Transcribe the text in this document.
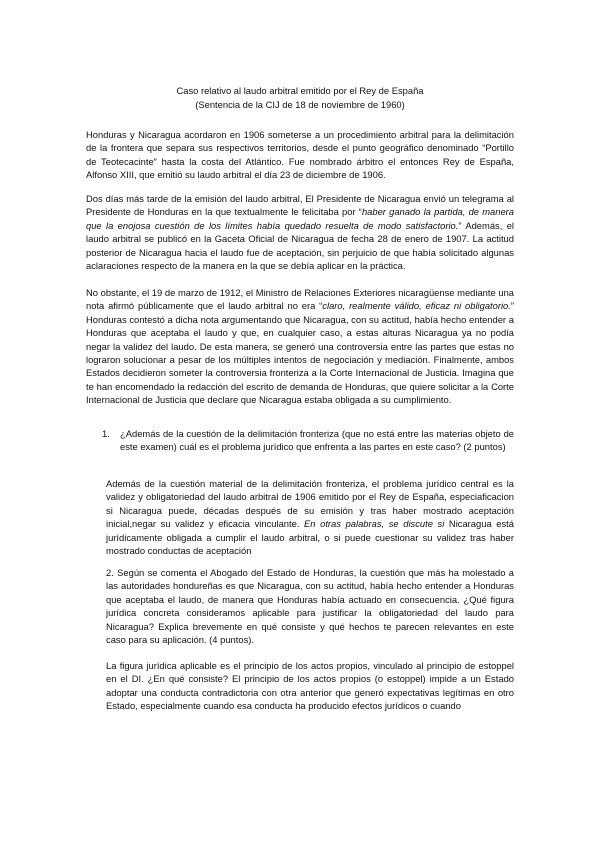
Caso relativo al laudo arbitral emitido por el Rey de España
(Sentencia de la CIJ de 18 de noviembre de 1960)
Honduras y Nicaragua acordaron en 1906 someterse a un procedimiento arbitral para la delimitación de la frontera que separa sus respectivos territorios, desde el punto geográfico denominado “Portillo de Teotecacinte” hasta la costa del Atlántico. Fue nombrado árbitro el entonces Rey de España, Alfonso XIII, que emitió su laudo arbitral el día 23 de diciembre de 1906.
Dos días más tarde de la emisión del laudo arbitral, El Presidente de Nicaragua envió un telegrama al Presidente de Honduras en la que textualmente le felicitaba por “haber ganado la partida, de manera que la enojosa cuestión de los límites había quedado resuelta de modo satisfactorio.” Además, el laudo arbitral se publicó en la Gaceta Oficial de Nicaragua de fecha 28 de enero de 1907. La actitud posterior de Nicaragua hacia el laudo fue de aceptación, sin perjuicio de que había solicitado algunas aclaraciones respecto de la manera en la que se debía aplicar en la práctica.
No obstante, el 19 de marzo de 1912, el Ministro de Relaciones Exteriores nicaragüense mediante una nota afirmó públicamente que el laudo arbitral no era “claro, realmente válido, eficaz ni obligatorio.” Honduras contestó a dicha nota argumentando que Nicaragua, con su actitud, había hecho entender a Honduras que aceptaba el laudo y que, en cualquier caso, a estas alturas Nicaragua ya no podía negar la validez del laudo. De esta manera, se generó una controversia entre las partes que estas no lograron solucionar a pesar de los múltiples intentos de negociación y mediación. Finalmente, ambos Estados decidieron someter la controversia fronteriza a la Corte Internacional de Justicia. Imagina que te han encomendado la redacción del escrito de demanda de Honduras, que quiere solicitar a la Corte Internacional de Justicia que declare que Nicaragua estaba obligada a su cumplimiento.
1. ¿Además de la cuestión de la delimitación fronteriza (que no está entre las materias objeto de este examen) cuál es el problema jurídico que enfrenta a las partes en este caso? (2 puntos)
Además de la cuestión material de la delimitación fronteriza, el problema jurídico central es la validez y obligatoriedad del laudo arbitral de 1906 emitido por el Rey de España, especiaficacion si Nicaragua puede, décadas después de su emisión y tras haber mostrado aceptación inicial,negar su validez y eficacia vinculante. En otras palabras, se discute si Nicaragua está jurídicamente obligada a cumplir el laudo arbitral, o si puede cuestionar su validez tras haber mostrado conductas de aceptación
2. Según se comenta el Abogado del Estado de Honduras, la cuestión que más ha molestado a las autoridades hondureñas es que Nicaragua, con su actitud, había hecho entender a Honduras que aceptaba el laudo, de manera que Honduras había actuado en consecuencia. ¿Qué figura jurídica concreta consideramos aplicable para justificar la obligatoriedad del laudo para Nicaragua? Explica brevemente en qué consiste y qué hechos te parecen relevantes en este caso para su aplicación. (4 puntos).
La figura jurídica aplicable es el principio de los actos propios, vinculado al principio de estoppel en el DI. ¿En qué consiste? El principio de los actos propios (o estoppel) impide a un Estado adoptar una conducta contradictoria con otra anterior que generó expectativas legítimas en otro Estado, especialmente cuando esa conducta ha producido efectos jurídicos o cuando
